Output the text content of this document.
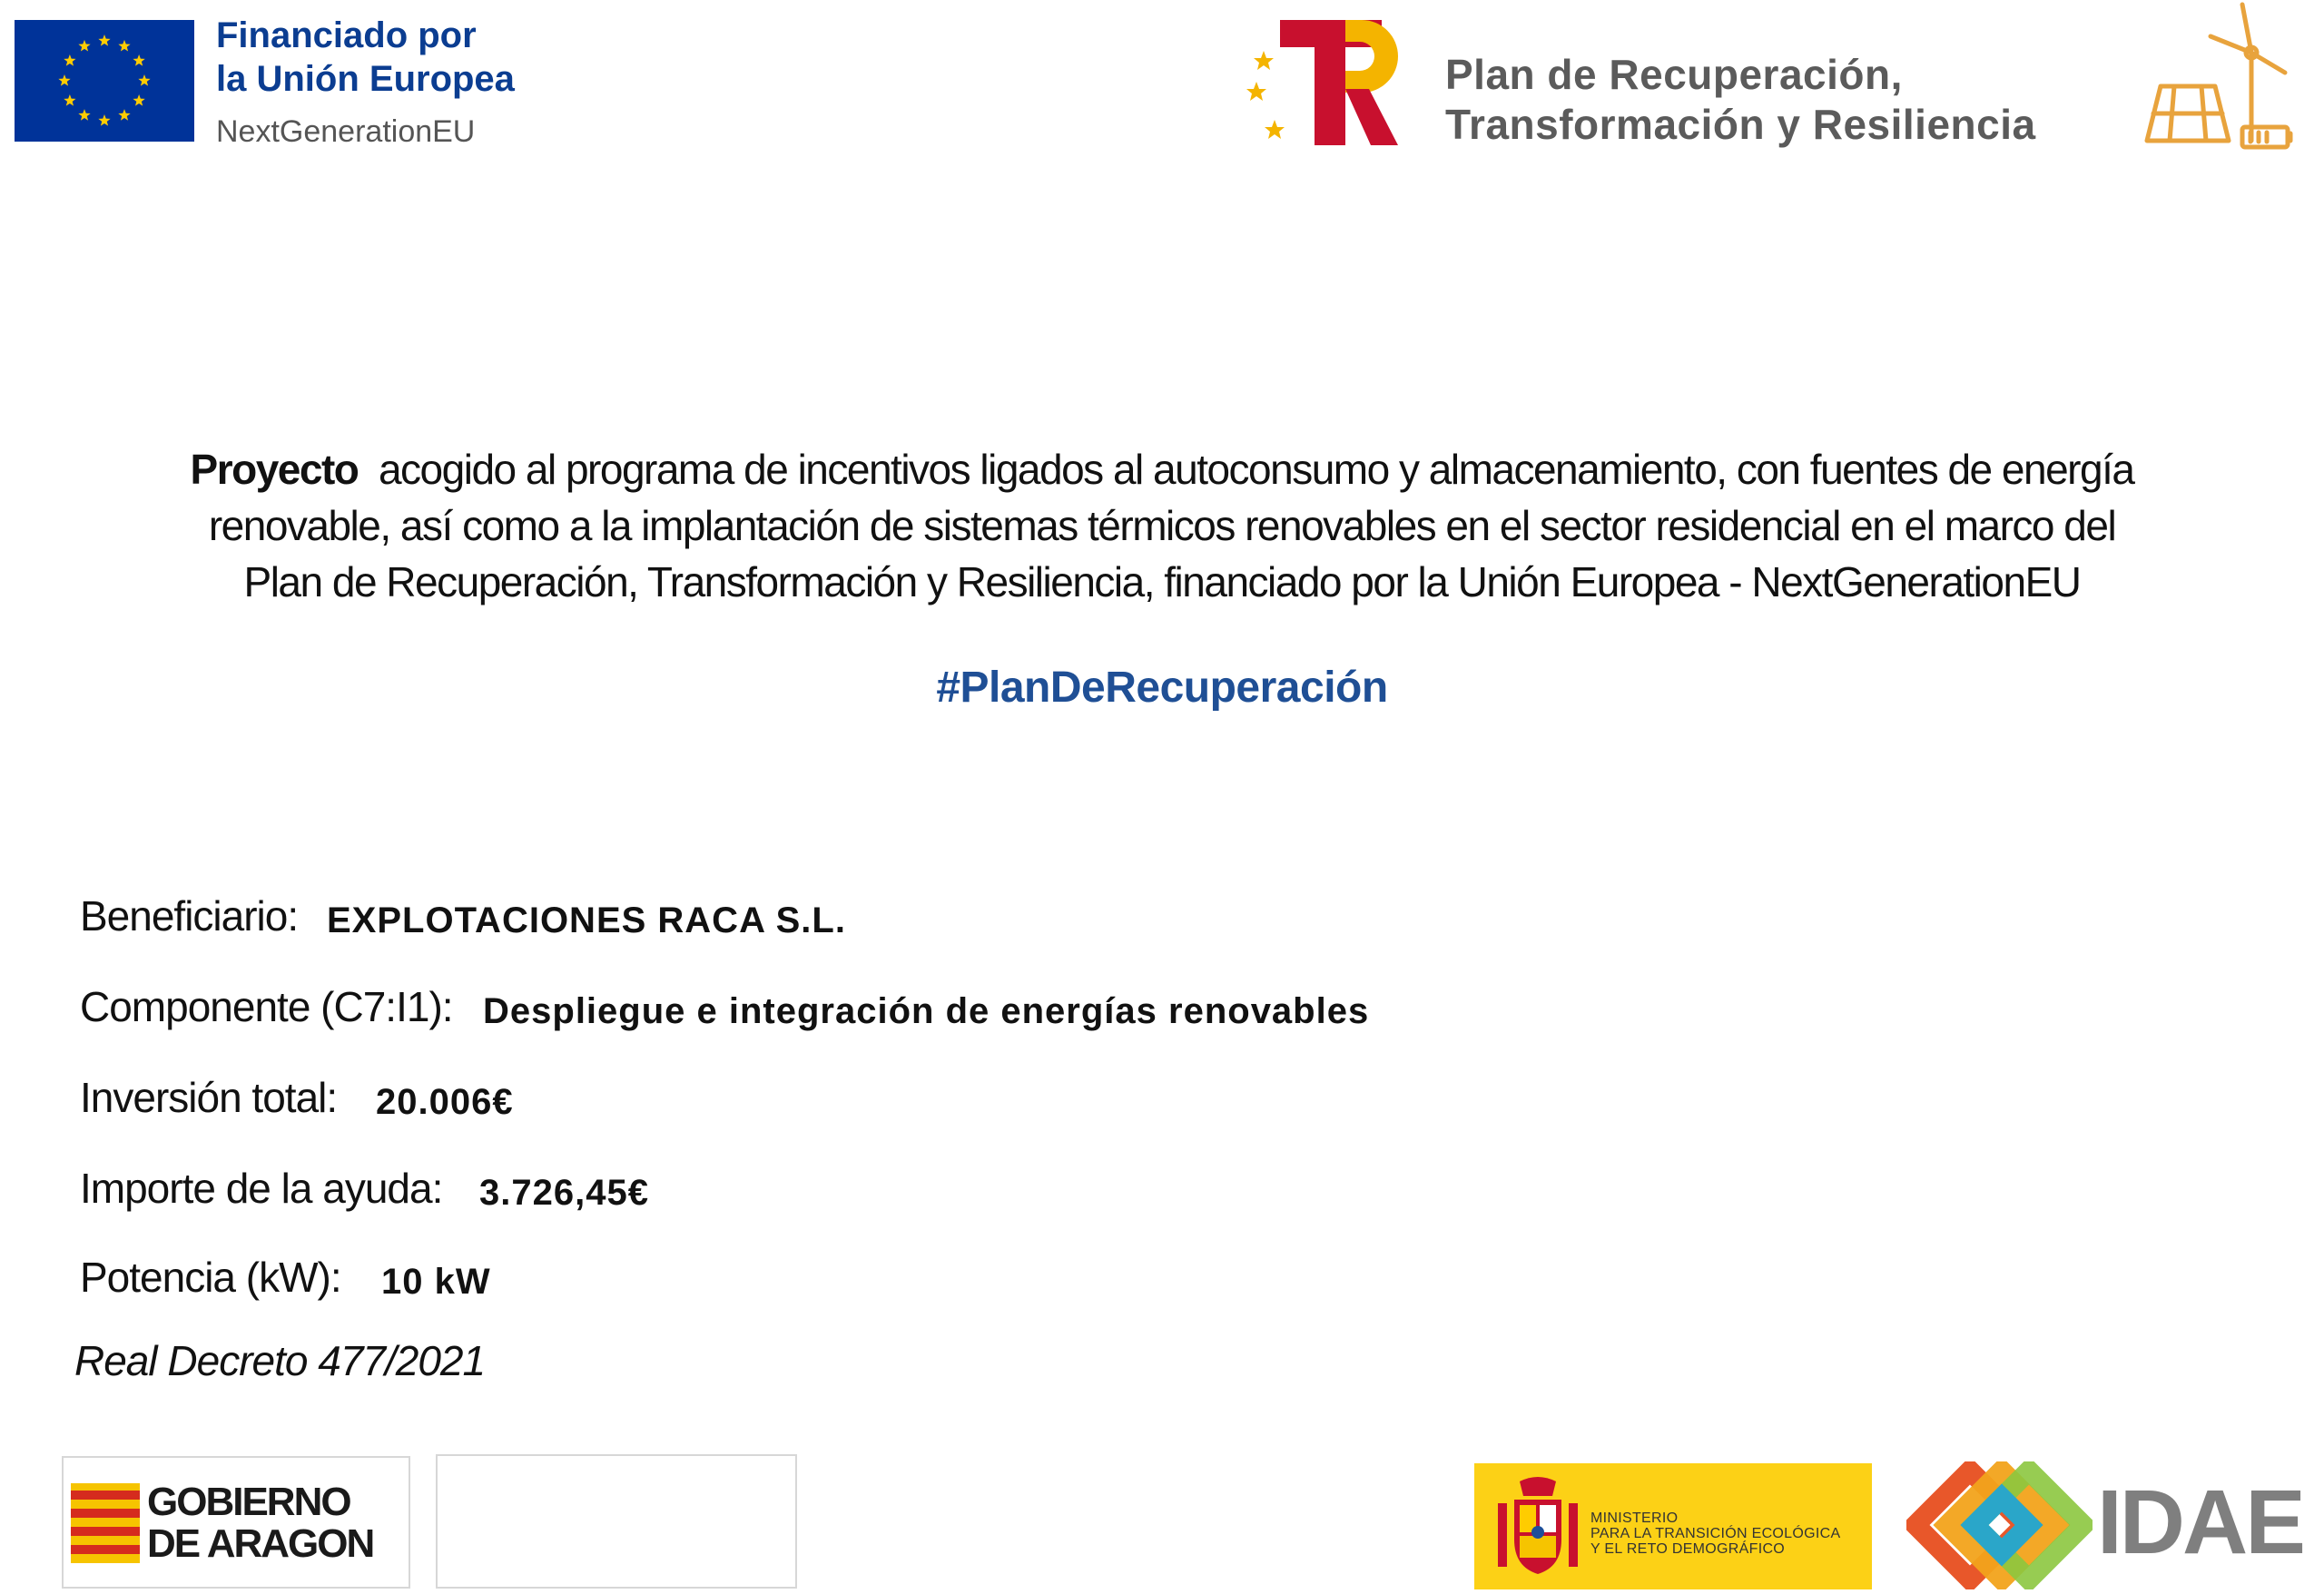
Financiado por
la Unión Europea
NextGenerationEU
Plan de Recuperación,
Transformación y Resiliencia
Proyecto acogido al programa de incentivos ligados al autoconsumo y almacenamiento, con fuentes de energía
renovable, así como a la implantación de sistemas térmicos renovables en el sector residencial en el marco del
Plan de Recuperación, Transformación y Resiliencia, financiado por la Unión Europea - NextGenerationEU
#PlanDeRecuperación
Beneficiario: EXPLOTACIONES RACA S.L.
Componente (C7:I1): Despliegue e integración de energías renovables
Inversión total: 20.006€
Importe de la ayuda: 3.726,45€
Potencia (kW): 10 kW
Real Decreto 477/2021
GOBIERNO
DE ARAGON
MINISTERIO
PARA LA TRANSICIÓN ECOLÓGICA
Y EL RETO DEMOGRÁFICO	IDAE
